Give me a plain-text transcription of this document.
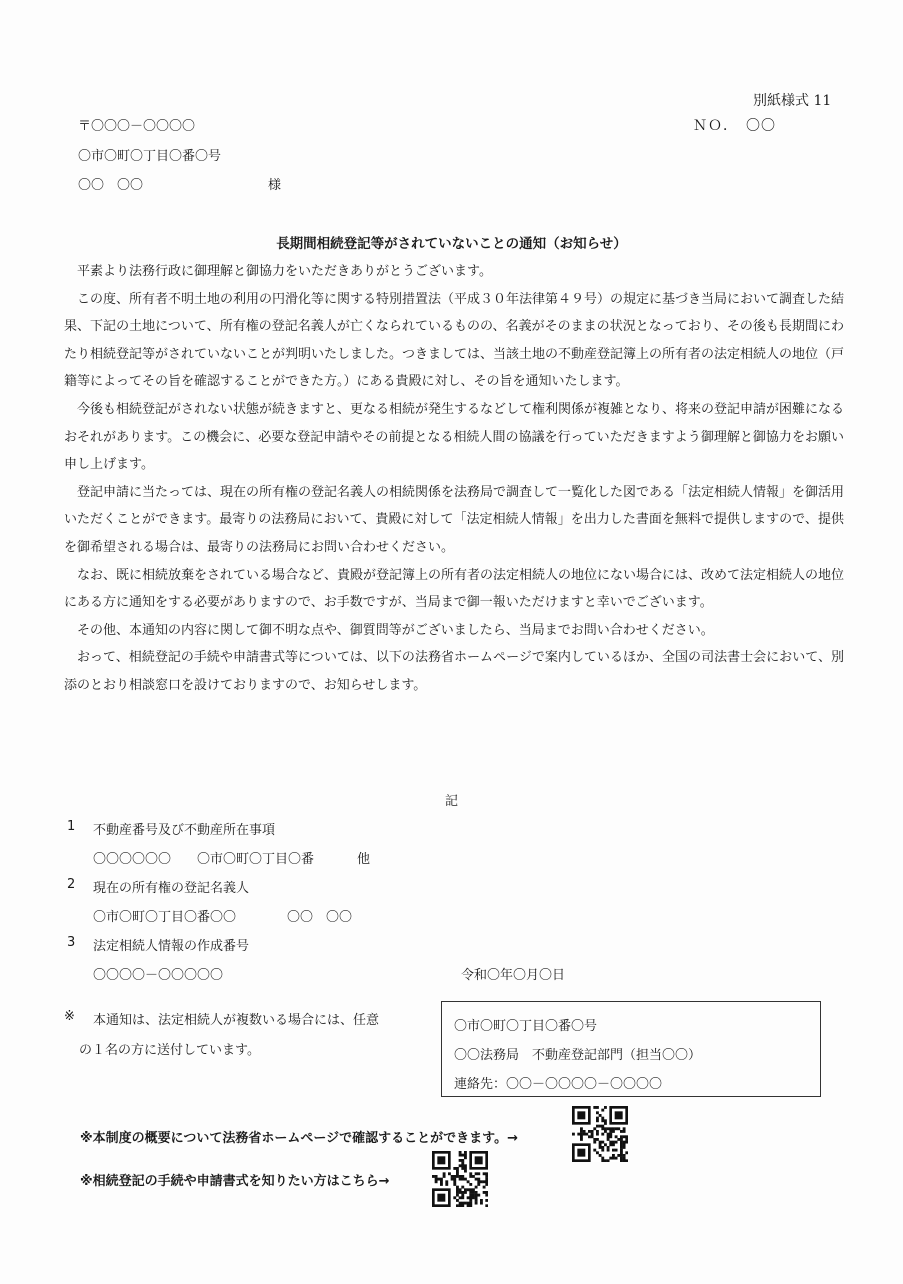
別紙様式 11
ＮＯ．　〇〇
〒〇〇〇－〇〇〇〇
〇市〇町〇丁目〇番〇号
〇〇　〇〇	様
長期間相続登記等がされていないことの通知（お知らせ）

平素より法務行政に御理解と御協力をいただきありがとうございます。

この度、所有者不明土地の利用の円滑化等に関する特別措置法（平成３０年法律第４９号）の規定に基づき当局において調査した結果、下記の土地について、所有権の登記名義人が亡くなられているものの、名義がそのままの状況となっており、その後も長期間にわたり相続登記等がされていないことが判明いたしました。つきましては、当該土地の不動産登記簿上の所有者の法定相続人の地位（戸籍等によってその旨を確認することができた方。）にある貴殿に対し、その旨を通知いたします。

今後も相続登記がされない状態が続きますと、更なる相続が発生するなどして権利関係が複雑となり、将来の登記申請が困難になるおそれがあります。この機会に、必要な登記申請やその前提となる相続人間の協議を行っていただきますよう御理解と御協力をお願い申し上げます。

登記申請に当たっては、現在の所有権の登記名義人の相続関係を法務局で調査して一覧化した図である「法定相続人情報」を御活用いただくことができます。最寄りの法務局において、貴殿に対して「法定相続人情報」を出力した書面を無料で提供しますので、提供を御希望される場合は、最寄りの法務局にお問い合わせください。

なお、既に相続放棄をされている場合など、貴殿が登記簿上の所有者の法定相続人の地位にない場合には、改めて法定相続人の地位にある方に通知をする必要がありますので、お手数ですが、当局まで御一報いただけますと幸いでございます。

その他、本通知の内容に関して御不明な点や、御質問等がございましたら、当局までお問い合わせください。

おって、相続登記の手続や申請書式等については、以下の法務省ホームページで案内しているほか、全国の司法書士会において、別添のとおり相談窓口を設けておりますので、お知らせします。

記
1 不動産番号及び不動産所在事項
〇〇〇〇〇〇 〇市〇町〇丁目〇番	他
2 現在の所有権の登記名義人
〇市〇町〇丁目〇番〇〇	〇〇　〇〇
3 法定相続人情報の作成番号
〇〇〇〇－〇〇〇〇〇	令和〇年〇月〇日
※ 本通知は、法定相続人が複数いる場合には、任意
の１名の方に送付しています。
〇市〇町〇丁目〇番〇号
〇〇法務局　不動産登記部門（担当〇〇）
連絡先：〇〇－〇〇〇〇－〇〇〇〇
※本制度の概要について法務省ホームページで確認することができます。→
※相続登記の手続や申請書式を知りたい方はこちら→
